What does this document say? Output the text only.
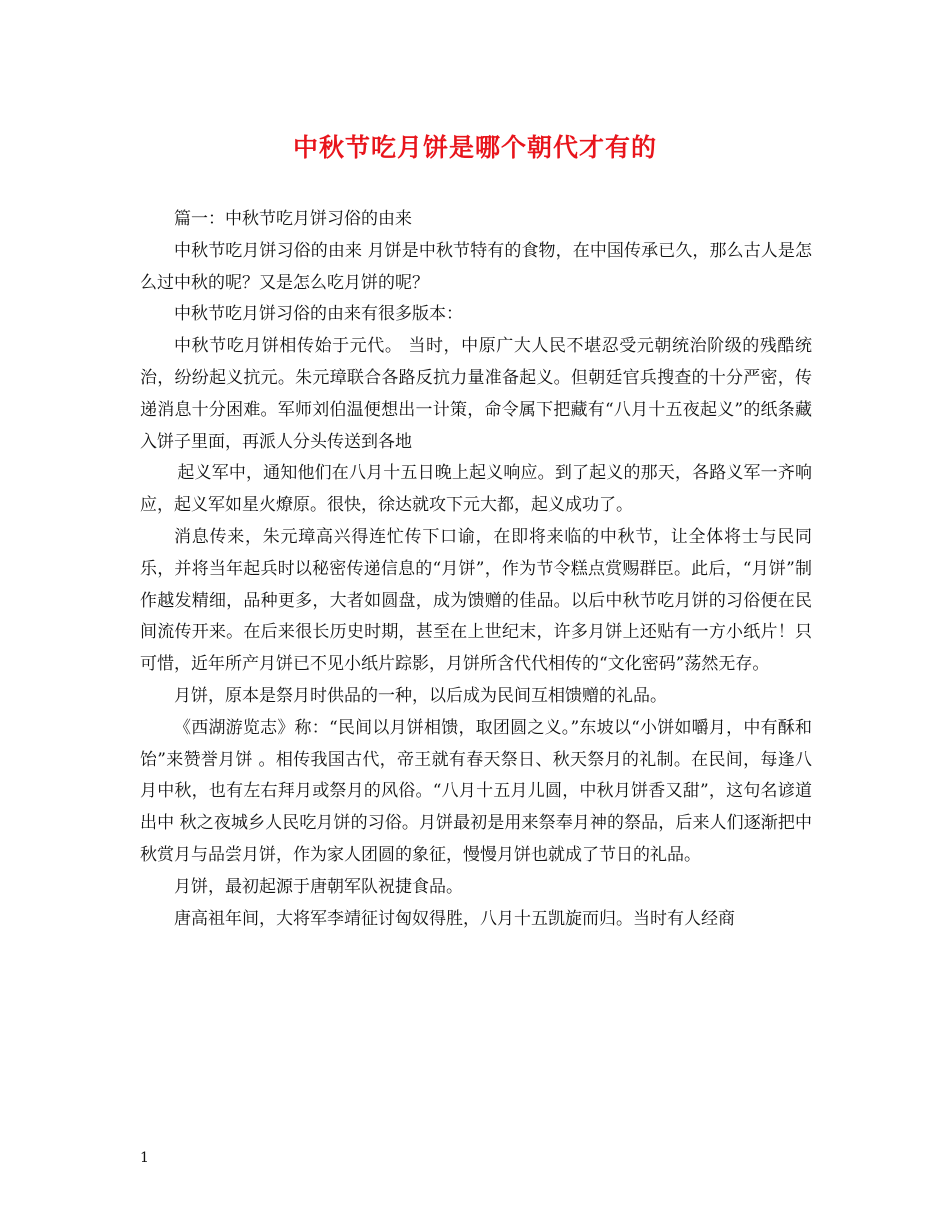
中秋节吃月饼是哪个朝代才有的

篇一：中秋节吃月饼习俗的由来

中秋节吃月饼习俗的由来 月饼是中秋节特有的食物，在中国传承已久，那么古人是怎么过中秋的呢？又是怎么吃月饼的呢？

中秋节吃月饼习俗的由来有很多版本：

中秋节吃月饼相传始于元代。 当时，中原广大人民不堪忍受元朝统治阶级的残酷统治，纷纷起义抗元。朱元璋联合各路反抗力量准备起义。但朝廷官兵搜查的十分严密，传递消息十分困难。军师刘伯温便想出一计策，命令属下把藏有“八月十五夜起义”的纸条藏入饼子里面，再派人分头传送到各地

起义军中，通知他们在八月十五日晚上起义响应。到了起义的那天，各路义军一齐响应，起义军如星火燎原。很快，徐达就攻下元大都，起义成功了。

消息传来，朱元璋高兴得连忙传下口谕，在即将来临的中秋节，让全体将士与民同乐，并将当年起兵时以秘密传递信息的“月饼”，作为节令糕点赏赐群臣。此后，“月饼”制作越发精细，品种更多，大者如圆盘，成为馈赠的佳品。以后中秋节吃月饼的习俗便在民间流传开来。在后来很长历史时期，甚至在上世纪末，许多月饼上还贴有一方小纸片！只可惜，近年所产月饼已不见小纸片踪影，月饼所含代代相传的“文化密码”荡然无存。

月饼，原本是祭月时供品的一种，以后成为民间互相馈赠的礼品。

《西湖游览志》称：“民间以月饼相馈，取团圆之义。”东坡以“小饼如嚼月，中有酥和饴”来赞誉月饼 。相传我国古代，帝王就有春天祭日、秋天祭月的礼制。在民间，每逢八月中秋，也有左右拜月或祭月的风俗。“八月十五月儿圆，中秋月饼香又甜”，这句名谚道出中 秋之夜城乡人民吃月饼的习俗。月饼最初是用来祭奉月神的祭品，后来人们逐渐把中秋赏月与品尝月饼，作为家人团圆的象征，慢慢月饼也就成了节日的礼品。

月饼，最初起源于唐朝军队祝捷食品。

唐高祖年间，大将军李靖征讨匈奴得胜，八月十五凯旋而归。当时有人经商

1
